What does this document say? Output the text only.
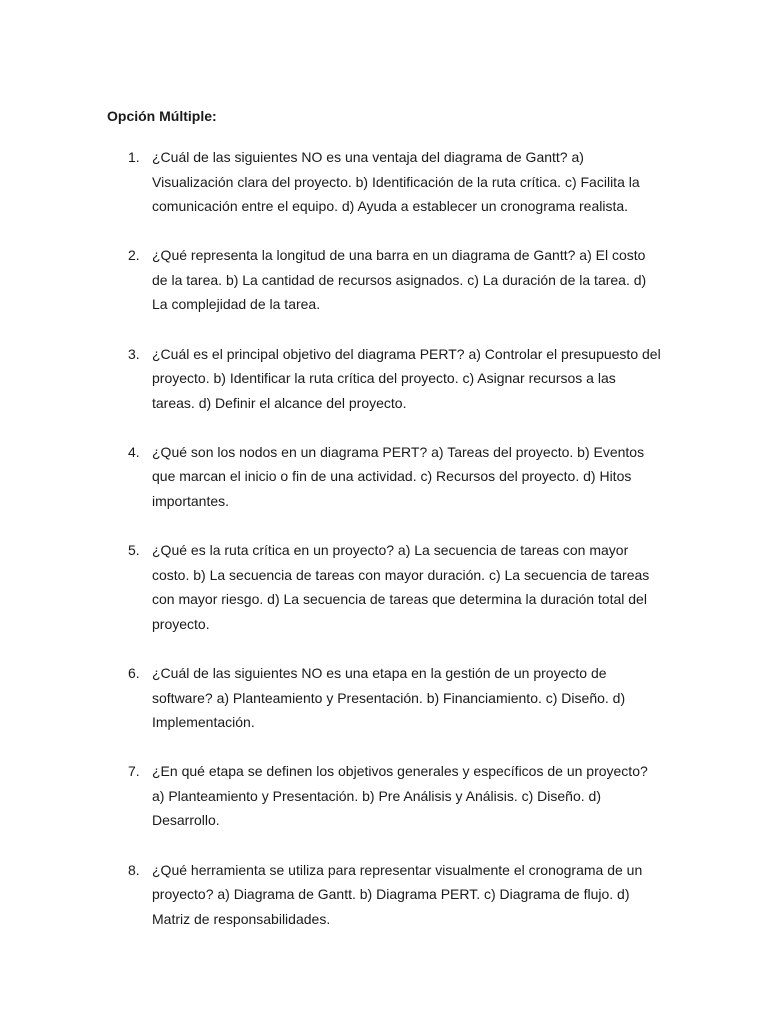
Opción Múltiple:

1. ¿Cuál de las siguientes NO es una ventaja del diagrama de Gantt? a) Visualización clara del proyecto. b) Identificación de la ruta crítica. c) Facilita la comunicación entre el equipo. d) Ayuda a establecer un cronograma realista.
2. ¿Qué representa la longitud de una barra en un diagrama de Gantt? a) El costo de la tarea. b) La cantidad de recursos asignados. c) La duración de la tarea. d) La complejidad de la tarea.
3. ¿Cuál es el principal objetivo del diagrama PERT? a) Controlar el presupuesto del proyecto. b) Identificar la ruta crítica del proyecto. c) Asignar recursos a las tareas. d) Definir el alcance del proyecto.
4. ¿Qué son los nodos en un diagrama PERT? a) Tareas del proyecto. b) Eventos que marcan el inicio o fin de una actividad. c) Recursos del proyecto. d) Hitos importantes.
5. ¿Qué es la ruta crítica en un proyecto? a) La secuencia de tareas con mayor costo. b) La secuencia de tareas con mayor duración. c) La secuencia de tareas con mayor riesgo. d) La secuencia de tareas que determina la duración total del proyecto.
6. ¿Cuál de las siguientes NO es una etapa en la gestión de un proyecto de software? a) Planteamiento y Presentación. b) Financiamiento. c) Diseño. d) Implementación.
7. ¿En qué etapa se definen los objetivos generales y específicos de un proyecto? a) Planteamiento y Presentación. b) Pre Análisis y Análisis. c) Diseño. d) Desarrollo.
8. ¿Qué herramienta se utiliza para representar visualmente el cronograma de un proyecto? a) Diagrama de Gantt. b) Diagrama PERT. c) Diagrama de flujo. d) Matriz de responsabilidades.
